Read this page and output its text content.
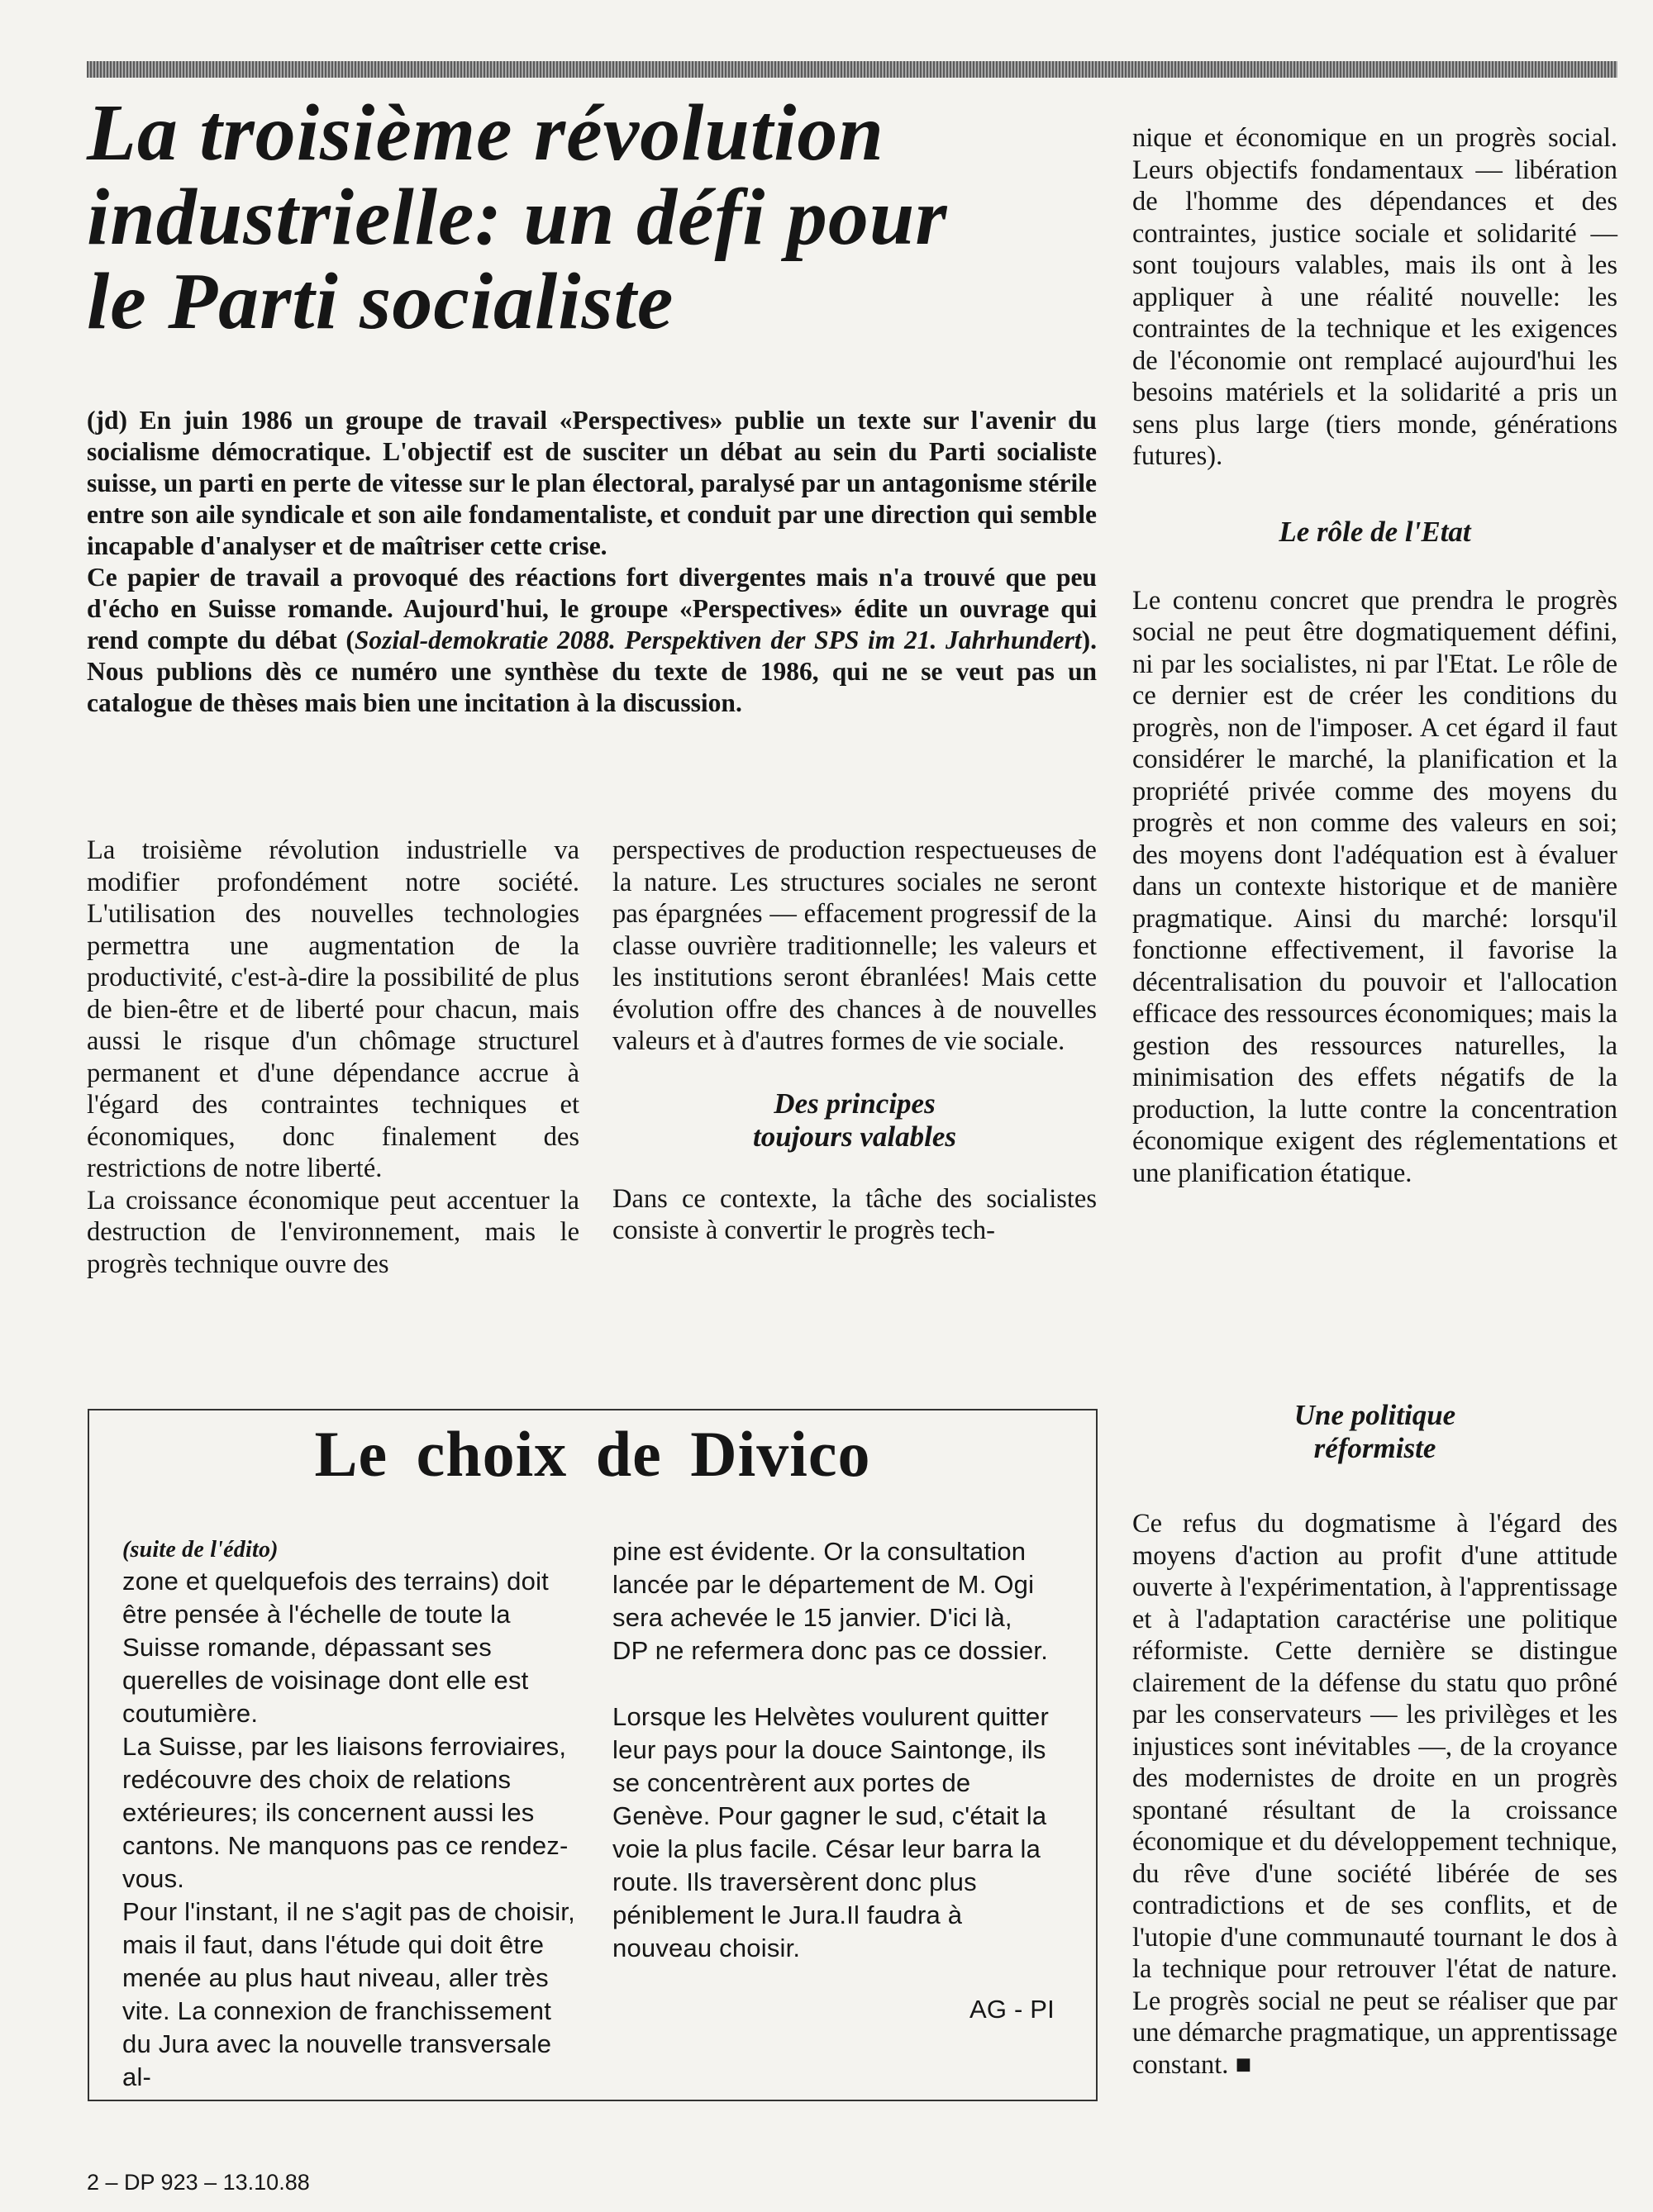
La troisième révolution
industrielle: un défi pour
le Parti socialiste

(jd) En juin 1986 un groupe de travail «Perspectives» publie un texte sur l'avenir du socialisme démocratique. L'objectif est de susciter un débat au sein du Parti socialiste suisse, un parti en perte de vitesse sur le plan électoral, paralysé par un antagonisme stérile entre son aile syndicale et son aile fondamentaliste, et conduit par une direction qui semble incapable d'analyser et de maîtriser cette crise.

Ce papier de travail a provoqué des réactions fort divergentes mais n'a trouvé que peu d'écho en Suisse romande. Aujourd'hui, le groupe «Perspectives» édite un ouvrage qui rend compte du débat (Sozial-demokratie 2088. Perspektiven der SPS im 21. Jahrhundert). Nous publions dès ce numéro une synthèse du texte de 1986, qui ne se veut pas un catalogue de thèses mais bien une incitation à la discussion.

La troisième révolution industrielle va modifier profondément notre société. L'utilisation des nouvelles technologies permettra une augmentation de la productivité, c'est-à-dire la possibilité de plus de bien-être et de liberté pour chacun, mais aussi le risque d'un chômage structurel permanent et d'une dépendance accrue à l'égard des contraintes techniques et économiques, donc finalement des restrictions de notre liberté.

La croissance économique peut accentuer la destruction de l'environnement, mais le progrès technique ouvre des

perspectives de production respectueuses de la nature. Les structures sociales ne seront pas épargnées — effacement progressif de la classe ouvrière traditionnelle; les valeurs et les institutions seront ébranlées! Mais cette évolution offre des chances à de nouvelles valeurs et à d'autres formes de vie sociale.

Des principes
toujours valables

Dans ce contexte, la tâche des socialistes consiste à convertir le progrès tech-

nique et économique en un progrès social. Leurs objectifs fondamentaux — libération de l'homme des dépendances et des contraintes, justice sociale et solidarité — sont toujours valables, mais ils ont à les appliquer à une réalité nouvelle: les contraintes de la technique et les exigences de l'économie ont remplacé aujourd'hui les besoins matériels et la solidarité a pris un sens plus large (tiers monde, générations futures).

Le rôle de l'Etat

Le contenu concret que prendra le progrès social ne peut être dogmatiquement défini, ni par les socialistes, ni par l'Etat. Le rôle de ce dernier est de créer les conditions du progrès, non de l'imposer. A cet égard il faut considérer le marché, la planification et la propriété privée comme des moyens du progrès et non comme des valeurs en soi; des moyens dont l'adéquation est à évaluer dans un contexte historique et de manière pragmatique. Ainsi du marché: lorsqu'il fonctionne effectivement, il favorise la décentralisation du pouvoir et l'allocation efficace des ressources économiques; mais la gestion des ressources naturelles, la minimisation des effets négatifs de la production, la lutte contre la concentration économique exigent des réglementations et une planification étatique.

Une politique
réformiste

Ce refus du dogmatisme à l'égard des moyens d'action au profit d'une attitude ouverte à l'expérimentation, à l'apprentissage et à l'adaptation caractérise une politique réformiste. Cette dernière se distingue clairement de la défense du statu quo prôné par les conservateurs — les privilèges et les injustices sont inévitables —, de la croyance des modernistes de droite en un progrès spontané résultant de la croissance économique et du développement technique, du rêve d'une société libérée de ses contradictions et de ses conflits, et de l'utopie d'une communauté tournant le dos à la technique pour retrouver l'état de nature. Le progrès social ne peut se réaliser que par une démarche pragmatique, un apprentissage constant. ■

Le choix de Divico

(suite de l'édito)

zone et quelquefois des terrains) doit être pensée à l'échelle de toute la Suisse romande, dépassant ses querelles de voisinage dont elle est coutumière.

La Suisse, par les liaisons ferroviaires, redécouvre des choix de relations extérieures; ils concernent aussi les cantons. Ne manquons pas ce rendez-vous.

Pour l'instant, il ne s'agit pas de choisir, mais il faut, dans l'étude qui doit être menée au plus haut niveau, aller très vite. La connexion de franchissement du Jura avec la nouvelle transversale al-

pine est évidente. Or la consultation lancée par le département de M. Ogi sera achevée le 15 janvier. D'ici là, DP ne refermera donc pas ce dossier.

Lorsque les Helvètes voulurent quitter leur pays pour la douce Saintonge, ils se concentrèrent aux portes de Genève. Pour gagner le sud, c'était la voie la plus facile. César leur barra la route. Ils traversèrent donc plus péniblement le Jura.Il faudra à nouveau choisir.

AG - PI

2 – DP 923 – 13.10.88
